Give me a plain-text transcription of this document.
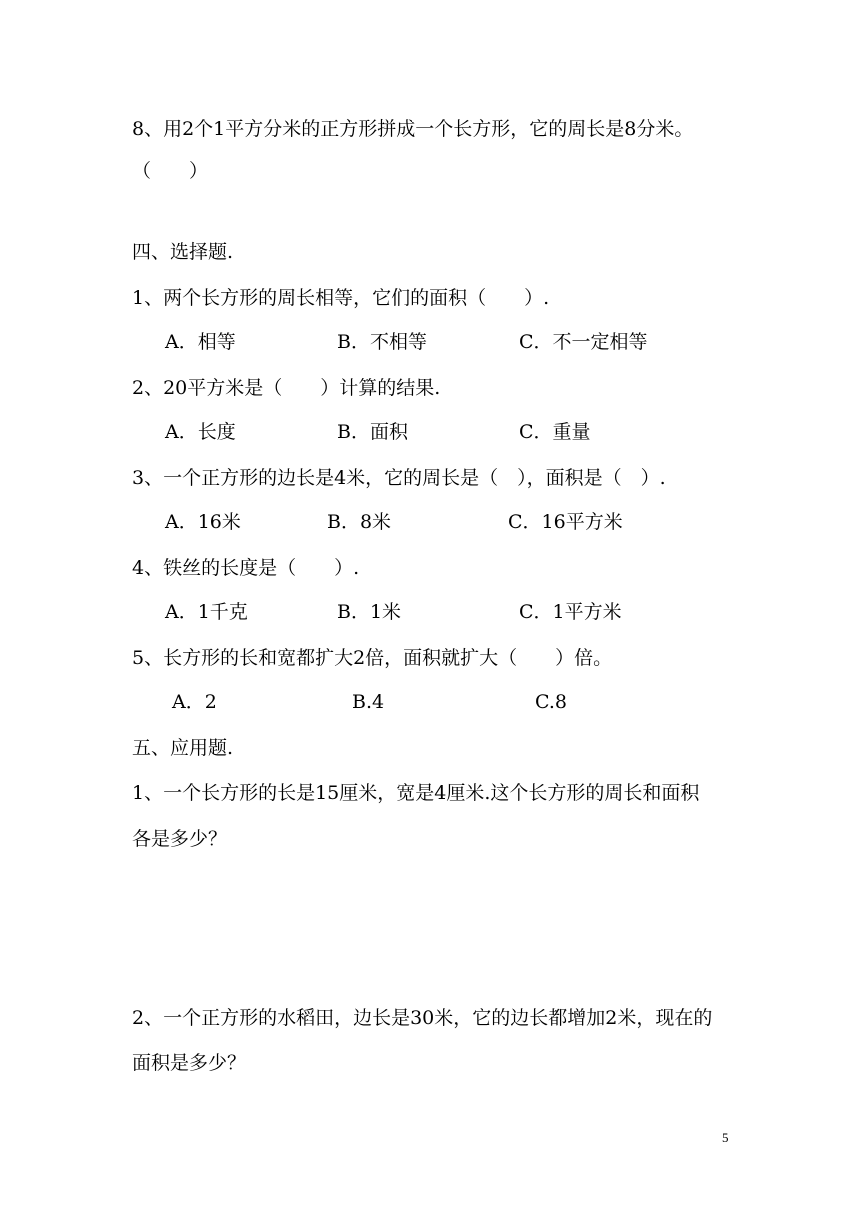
8、用2个1平方分米的正方形拼成一个长方形，它的周长是8分米。
（　　）
四、选择题.
1、两个长方形的周长相等，它们的面积（　　）.
A．相等	B．不相等	C．不一定相等
2、20平方米是（　　）计算的结果.
A．长度	B．面积	C．重量
3、一个正方形的边长是4米，它的周长是（　），面积是（　）.
A．16米	B．8米	C．16平方米
4、铁丝的长度是（　　）.
A．1千克	B．1米	C．1平方米
5、长方形的长和宽都扩大2倍，面积就扩大（　　）倍。
A．2	B.4	C.8
五、应用题.
1、一个长方形的长是15厘米，宽是4厘米.这个长方形的周长和面积
各是多少？
2、一个正方形的水稻田，边长是30米，它的边长都增加2米，现在的
面积是多少？
5
